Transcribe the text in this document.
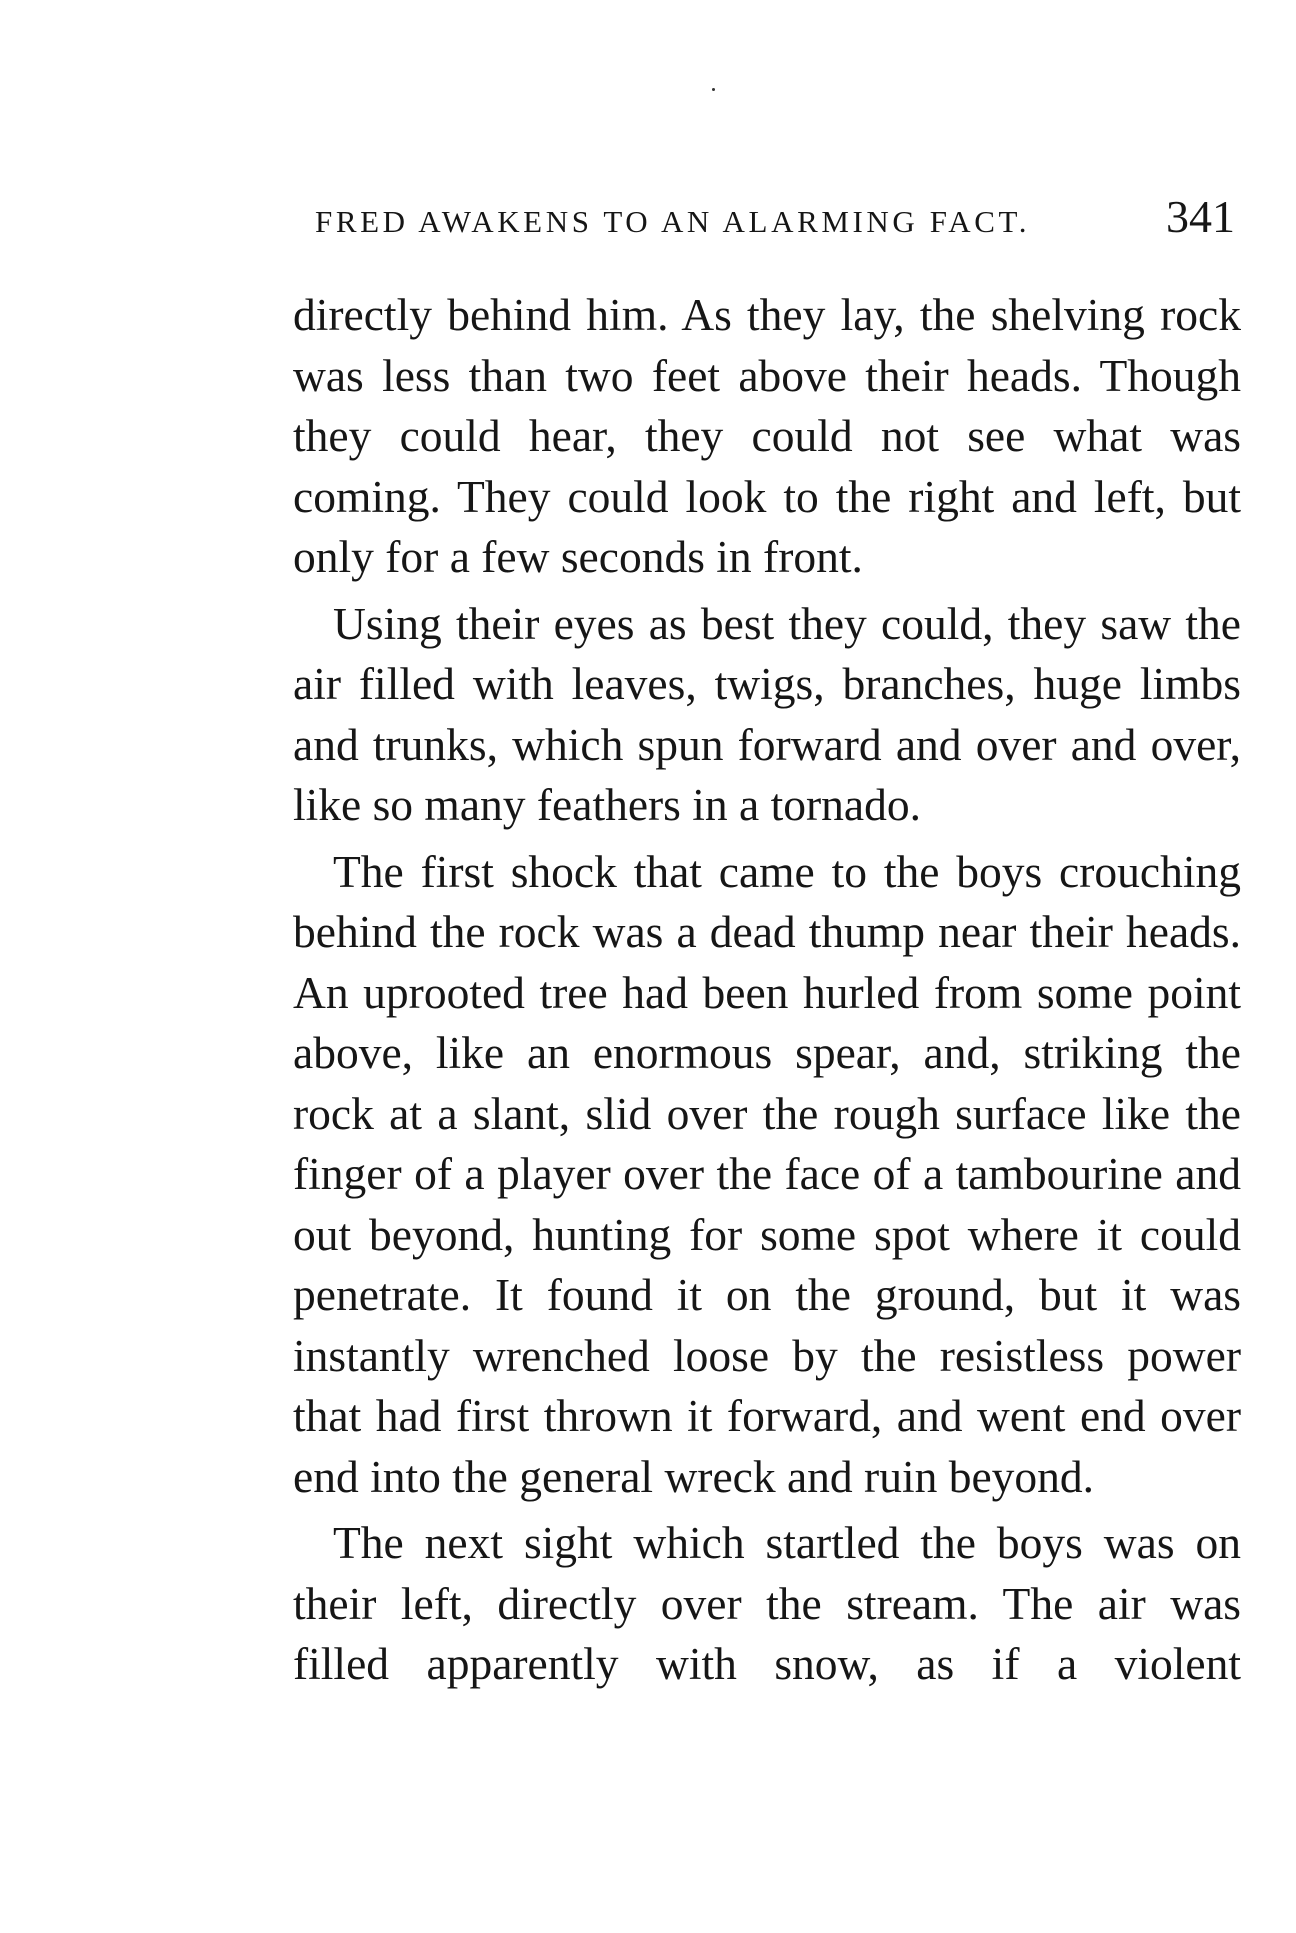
FRED AWAKENS TO AN ALARMING FACT.	341

directly behind him. As they lay, the shelving rock was less than two feet above their heads. Though they could hear, they could not see what was coming. They could look to the right and left, but only for a few seconds in front.

Using their eyes as best they could, they saw the air filled with leaves, twigs, branches, huge limbs and trunks, which spun forward and over and over, like so many feathers in a tornado.

The first shock that came to the boys crouching behind the rock was a dead thump near their heads. An uprooted tree had been hurled from some point above, like an enormous spear, and, striking the rock at a slant, slid over the rough surface like the finger of a player over the face of a tambourine and out beyond, hunting for some spot where it could penetrate. It found it on the ground, but it was instantly wrenched loose by the resistless power that had first thrown it forward, and went end over end into the general wreck and ruin beyond.

The next sight which startled the boys was on their left, directly over the stream. The air was filled apparently with snow, as if a violent
